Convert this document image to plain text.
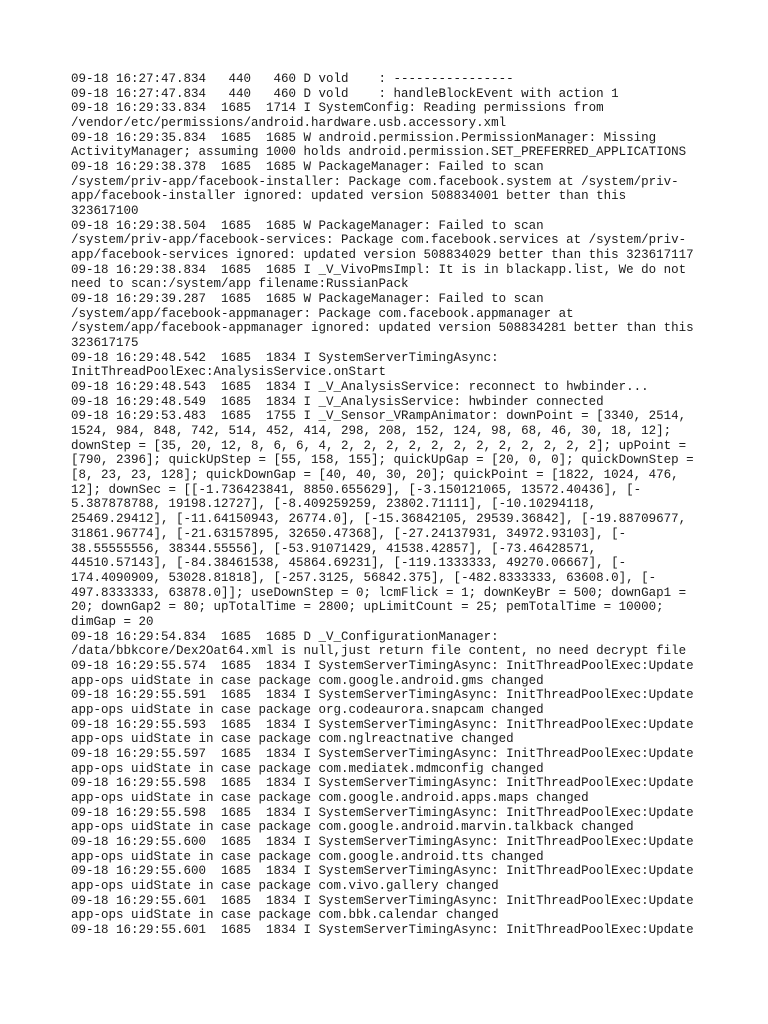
09-18 16:27:47.834   440   460 D vold    : ----------------
09-18 16:27:47.834   440   460 D vold    : handleBlockEvent with action 1
09-18 16:29:33.834  1685  1714 I SystemConfig: Reading permissions from
/vendor/etc/permissions/android.hardware.usb.accessory.xml
09-18 16:29:35.834  1685  1685 W android.permission.PermissionManager: Missing
ActivityManager; assuming 1000 holds android.permission.SET_PREFERRED_APPLICATIONS
09-18 16:29:38.378  1685  1685 W PackageManager: Failed to scan
/system/priv-app/facebook-installer: Package com.facebook.system at /system/priv-
app/facebook-installer ignored: updated version 508834001 better than this
323617100
09-18 16:29:38.504  1685  1685 W PackageManager: Failed to scan
/system/priv-app/facebook-services: Package com.facebook.services at /system/priv-
app/facebook-services ignored: updated version 508834029 better than this 323617117
09-18 16:29:38.834  1685  1685 I _V_VivoPmsImpl: It is in blackapp.list, We do not
need to scan:/system/app filename:RussianPack
09-18 16:29:39.287  1685  1685 W PackageManager: Failed to scan
/system/app/facebook-appmanager: Package com.facebook.appmanager at
/system/app/facebook-appmanager ignored: updated version 508834281 better than this
323617175
09-18 16:29:48.542  1685  1834 I SystemServerTimingAsync:
InitThreadPoolExec:AnalysisService.onStart
09-18 16:29:48.543  1685  1834 I _V_AnalysisService: reconnect to hwbinder...
09-18 16:29:48.549  1685  1834 I _V_AnalysisService: hwbinder connected
09-18 16:29:53.483  1685  1755 I _V_Sensor_VRampAnimator: downPoint = [3340, 2514,
1524, 984, 848, 742, 514, 452, 414, 298, 208, 152, 124, 98, 68, 46, 30, 18, 12];
downStep = [35, 20, 12, 8, 6, 6, 4, 2, 2, 2, 2, 2, 2, 2, 2, 2, 2, 2, 2]; upPoint =
[790, 2396]; quickUpStep = [55, 158, 155]; quickUpGap = [20, 0, 0]; quickDownStep =
[8, 23, 23, 128]; quickDownGap = [40, 40, 30, 20]; quickPoint = [1822, 1024, 476,
12]; downSec = [[-1.736423841, 8850.655629], [-3.150121065, 13572.40436], [-
5.387878788, 19198.12727], [-8.409259259, 23802.71111], [-10.10294118,
25469.29412], [-11.64150943, 26774.0], [-15.36842105, 29539.36842], [-19.88709677,
31861.96774], [-21.63157895, 32650.47368], [-27.24137931, 34972.93103], [-
38.55555556, 38344.55556], [-53.91071429, 41538.42857], [-73.46428571,
44510.57143], [-84.38461538, 45864.69231], [-119.1333333, 49270.06667], [-
174.4090909, 53028.81818], [-257.3125, 56842.375], [-482.8333333, 63608.0], [-
497.8333333, 63878.0]]; useDownStep = 0; lcmFlick = 1; downKeyBr = 500; downGap1 =
20; downGap2 = 80; upTotalTime = 2800; upLimitCount = 25; pemTotalTime = 10000;
dimGap = 20
09-18 16:29:54.834  1685  1685 D _V_ConfigurationManager:
/data/bbkcore/Dex2Oat64.xml is null,just return file content, no need decrypt file
09-18 16:29:55.574  1685  1834 I SystemServerTimingAsync: InitThreadPoolExec:Update
app-ops uidState in case package com.google.android.gms changed
09-18 16:29:55.591  1685  1834 I SystemServerTimingAsync: InitThreadPoolExec:Update
app-ops uidState in case package org.codeaurora.snapcam changed
09-18 16:29:55.593  1685  1834 I SystemServerTimingAsync: InitThreadPoolExec:Update
app-ops uidState in case package com.nglreactnative changed
09-18 16:29:55.597  1685  1834 I SystemServerTimingAsync: InitThreadPoolExec:Update
app-ops uidState in case package com.mediatek.mdmconfig changed
09-18 16:29:55.598  1685  1834 I SystemServerTimingAsync: InitThreadPoolExec:Update
app-ops uidState in case package com.google.android.apps.maps changed
09-18 16:29:55.598  1685  1834 I SystemServerTimingAsync: InitThreadPoolExec:Update
app-ops uidState in case package com.google.android.marvin.talkback changed
09-18 16:29:55.600  1685  1834 I SystemServerTimingAsync: InitThreadPoolExec:Update
app-ops uidState in case package com.google.android.tts changed
09-18 16:29:55.600  1685  1834 I SystemServerTimingAsync: InitThreadPoolExec:Update
app-ops uidState in case package com.vivo.gallery changed
09-18 16:29:55.601  1685  1834 I SystemServerTimingAsync: InitThreadPoolExec:Update
app-ops uidState in case package com.bbk.calendar changed
09-18 16:29:55.601  1685  1834 I SystemServerTimingAsync: InitThreadPoolExec:Update
